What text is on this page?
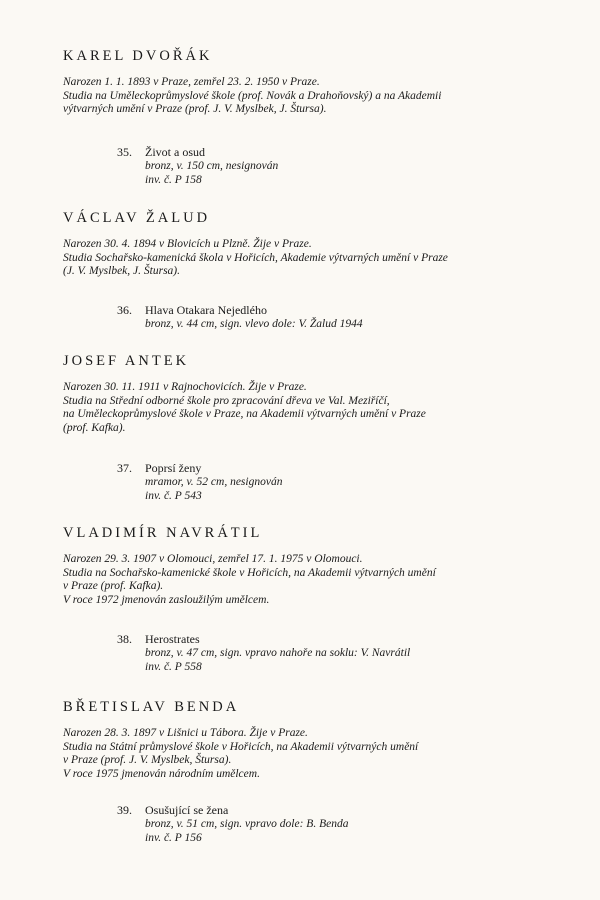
KAREL DVOŘÁK
Narozen 1. 1. 1893 v Praze, zemřel 23. 2. 1950 v Praze.
Studia na Uměleckoprůmyslové škole (prof. Novák a Drahoňovský) a na Akademii
výtvarných umění v Praze (prof. J. V. Myslbek, J. Štursa).
35. Život a osud
bronz, v. 150 cm, nesignován
inv. č. P 158
VÁCLAV ŽALUD
Narozen 30. 4. 1894 v Blovicích u Plzně. Žije v Praze.
Studia Sochařsko-kamenická škola v Hořicích, Akademie výtvarných umění v Praze
(J. V. Myslbek, J. Štursa).
36. Hlava Otakara Nejedlého
bronz, v. 44 cm, sign. vlevo dole: V. Žalud 1944
JOSEF ANTEK
Narozen 30. 11. 1911 v Rajnochovicích. Žije v Praze.
Studia na Střední odborné škole pro zpracování dřeva ve Val. Meziříčí,
na Uměleckoprůmyslové škole v Praze, na Akademii výtvarných umění v Praze
(prof. Kafka).
37. Poprsí ženy
mramor, v. 52 cm, nesignován
inv. č. P 543
VLADIMÍR NAVRÁTIL
Narozen 29. 3. 1907 v Olomouci, zemřel 17. 1. 1975 v Olomouci.
Studia na Sochařsko-kamenické škole v Hořicích, na Akademii výtvarných umění
v Praze (prof. Kafka).
V roce 1972 jmenován zasloužilým umělcem.
38. Herostrates
bronz, v. 47 cm, sign. vpravo nahoře na soklu: V. Navrátil
inv. č. P 558
BŘETISLAV BENDA
Narozen 28. 3. 1897 v Lišnici u Tábora. Žije v Praze.
Studia na Státní průmyslové škole v Hořicích, na Akademii výtvarných umění
v Praze (prof. J. V. Myslbek, Štursa).
V roce 1975 jmenován národním umělcem.
39. Osušující se žena
bronz, v. 51 cm, sign. vpravo dole: B. Benda
inv. č. P 156
